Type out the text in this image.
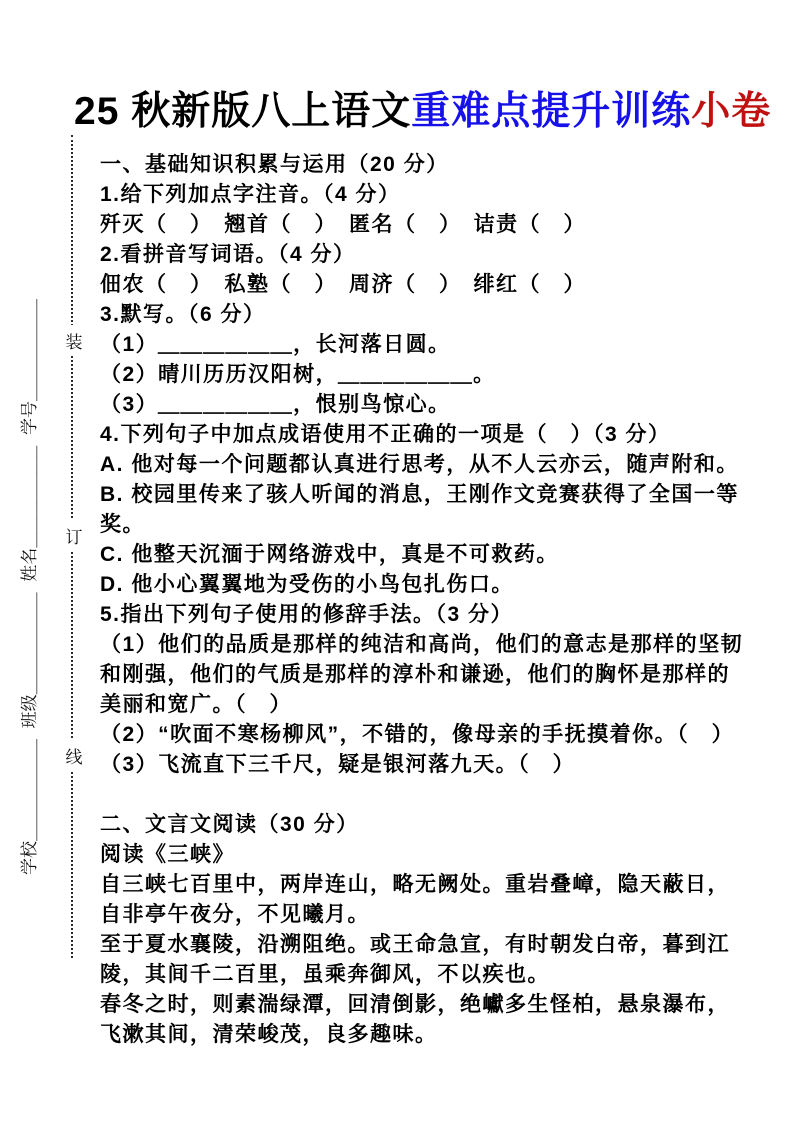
学校＿＿＿＿＿＿
班级＿＿＿＿＿＿
姓名＿＿＿＿＿＿
学号＿＿＿＿＿＿ 装
订
线
25 秋新版八上语文重难点提升训练小卷

一、基础知识积累与运用（20 分）

1.给下列加点字注音。（4 分）

歼灭（　）　翘首（　）　匿名（　）　诘责（　）

2.看拼音写词语。（4 分）

佃农（　）　私塾（　）　周济（　）　绯红（　）

3.默写。（6 分）

（1）＿＿＿＿＿＿，长河落日圆。

（2）晴川历历汉阳树，＿＿＿＿＿＿。

（3）＿＿＿＿＿＿，恨别鸟惊心。

4.下列句子中加点成语使用不正确的一项是（　）（3 分）

A. 他对每一个问题都认真进行思考，从不人云亦云，随声附和。

B. 校园里传来了骇人听闻的消息，王刚作文竞赛获得了全国一等

奖。

C. 他整天沉湎于网络游戏中，真是不可救药。

D. 他小心翼翼地为受伤的小鸟包扎伤口。

5.指出下列句子使用的修辞手法。（3 分）

（1）他们的品质是那样的纯洁和高尚，他们的意志是那样的坚韧

和刚强，他们的气质是那样的淳朴和谦逊，他们的胸怀是那样的

美丽和宽广。（　）

（2）“吹面不寒杨柳风”，不错的，像母亲的手抚摸着你。（　）

（3）飞流直下三千尺，疑是银河落九天。（　）

二、文言文阅读（30 分）

阅读《三峡》

自三峡七百里中，两岸连山，略无阙处。重岩叠嶂，隐天蔽日，

自非亭午夜分，不见曦月。

至于夏水襄陵，沿溯阻绝。或王命急宣，有时朝发白帝，暮到江

陵，其间千二百里，虽乘奔御风，不以疾也。

春冬之时，则素湍绿潭，回清倒影，绝巘多生怪柏，悬泉瀑布，

飞漱其间，清荣峻茂，良多趣味。
